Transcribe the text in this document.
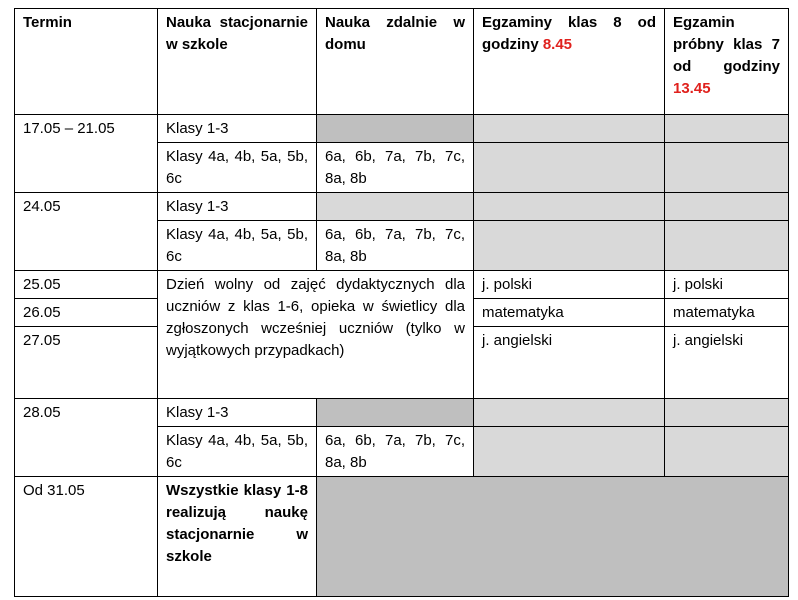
Termin	Nauka stacjonarnie w szkole	Nauka zdalnie w domu	Egzaminy klas 8 od godziny 8.45	Egzamin próbny klas 7 od godziny 13.45
17.05 – 21.05	Klasy 1-3			
	Klasy 4a, 4b, 5a, 5b, 6c	6a, 6b, 7a, 7b, 7c, 8a, 8b		
24.05	Klasy 1-3			
	Klasy 4a, 4b, 5a, 5b, 6c	6a, 6b, 7a, 7b, 7c, 8a, 8b		
25.05	Dzień wolny od zajęć dydaktycznych dla uczniów z klas 1-6, opieka w świetlicy dla zgłoszonych wcześniej uczniów (tylko w wyjątkowych przypadkach)		j. polski	j. polski
26.05			matematyka	matematyka
27.05			j. angielski	j. angielski
28.05	Klasy 1-3			
	Klasy 4a, 4b, 5a, 5b, 6c	6a, 6b, 7a, 7b, 7c, 8a, 8b		
Od 31.05	Wszystkie klasy 1-8 realizują naukę stacjonarnie w szkole			
